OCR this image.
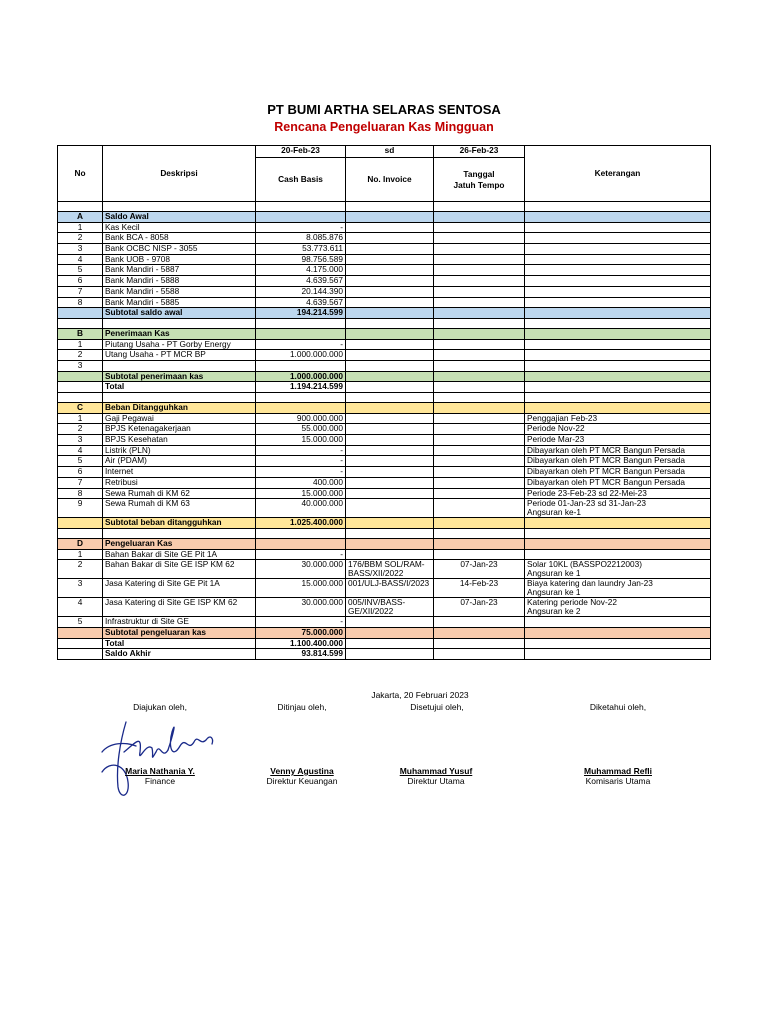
PT BUMI ARTHA SELARAS SENTOSA
Rencana Pengeluaran Kas Mingguan
No	Deskripsi	20-Feb-23	sd	26-Feb-23	Keterangan
		Cash Basis	No. Invoice	Tanggal
Jatuh Tempo	

A	Saldo Awal				
1	Kas Kecil	-			
2	Bank BCA - 8058	8.085.876			
3	Bank OCBC NISP - 3055	53.773.611			
4	Bank UOB - 9708	98.756.589			
5	Bank Mandiri - 5887	4.175.000			
6	Bank Mandiri - 5888	4.639.567			
7	Bank Mandiri - 5588	20.144.390			
8	Bank Mandiri - 5885	4.639.567			
	Subtotal saldo awal	194.214.599			

B	Penerimaan Kas				
1	Piutang Usaha - PT Gorby Energy	-			
2	Utang Usaha - PT MCR BP	1.000.000.000			
3					
	Subtotal penerimaan kas	1.000.000.000			
	Total	1.194.214.599			

C	Beban Ditangguhkan				
1	Gaji Pegawai	900.000.000			Penggajian Feb-23
2	BPJS Ketenagakerjaan	55.000.000			Periode Nov-22
3	BPJS Kesehatan	15.000.000			Periode Mar-23
4	Listrik (PLN)	-			Dibayarkan oleh PT MCR Bangun Persada
5	Air (PDAM)	-			Dibayarkan oleh PT MCR Bangun Persada
6	Internet	-			Dibayarkan oleh PT MCR Bangun Persada
7	Retribusi	400.000			Dibayarkan oleh PT MCR Bangun Persada
8	Sewa Rumah di KM 62	15.000.000			Periode 23-Feb-23 sd 22-Mei-23
9	Sewa Rumah di KM 63	40.000.000			Periode 01-Jan-23 sd 31-Jan-23
Angsuran ke-1
	Subtotal beban ditangguhkan	1.025.400.000			

D	Pengeluaran Kas				
1	Bahan Bakar di Site GE Pit 1A	-			
2	Bahan Bakar di Site GE ISP KM 62	30.000.000	176/BBM SOL/RAM-BASS/XII/2022	07-Jan-23	Solar 10KL (BASSPO2212003)
Angsuran ke 1
3	Jasa Katering di Site GE Pit 1A	15.000.000	001/ULJ-BASS/I/2023	14-Feb-23	Biaya katering dan laundry Jan-23
Angsuran ke 1
4	Jasa Katering di Site GE ISP KM 62	30.000.000	005/INV/BASS-GE/XII/2022	07-Jan-23	Katering periode Nov-22
Angsuran ke 2
5	Infrastruktur di Site GE	-			
	Subtotal pengeluaran kas	75.000.000			
	Total	1.100.400.000			
	Saldo Akhir	93.814.599			
Jakarta, 20 Februari 2023
Diajukan oleh,	Ditinjau oleh,	Disetujui oleh,	Diketahui oleh,
Maria Nathania Y.
Finance
Venny Agustina
Direktur Keuangan
Muhammad Yusuf
Direktur Utama
Muhammad Refli
Komisaris Utama
